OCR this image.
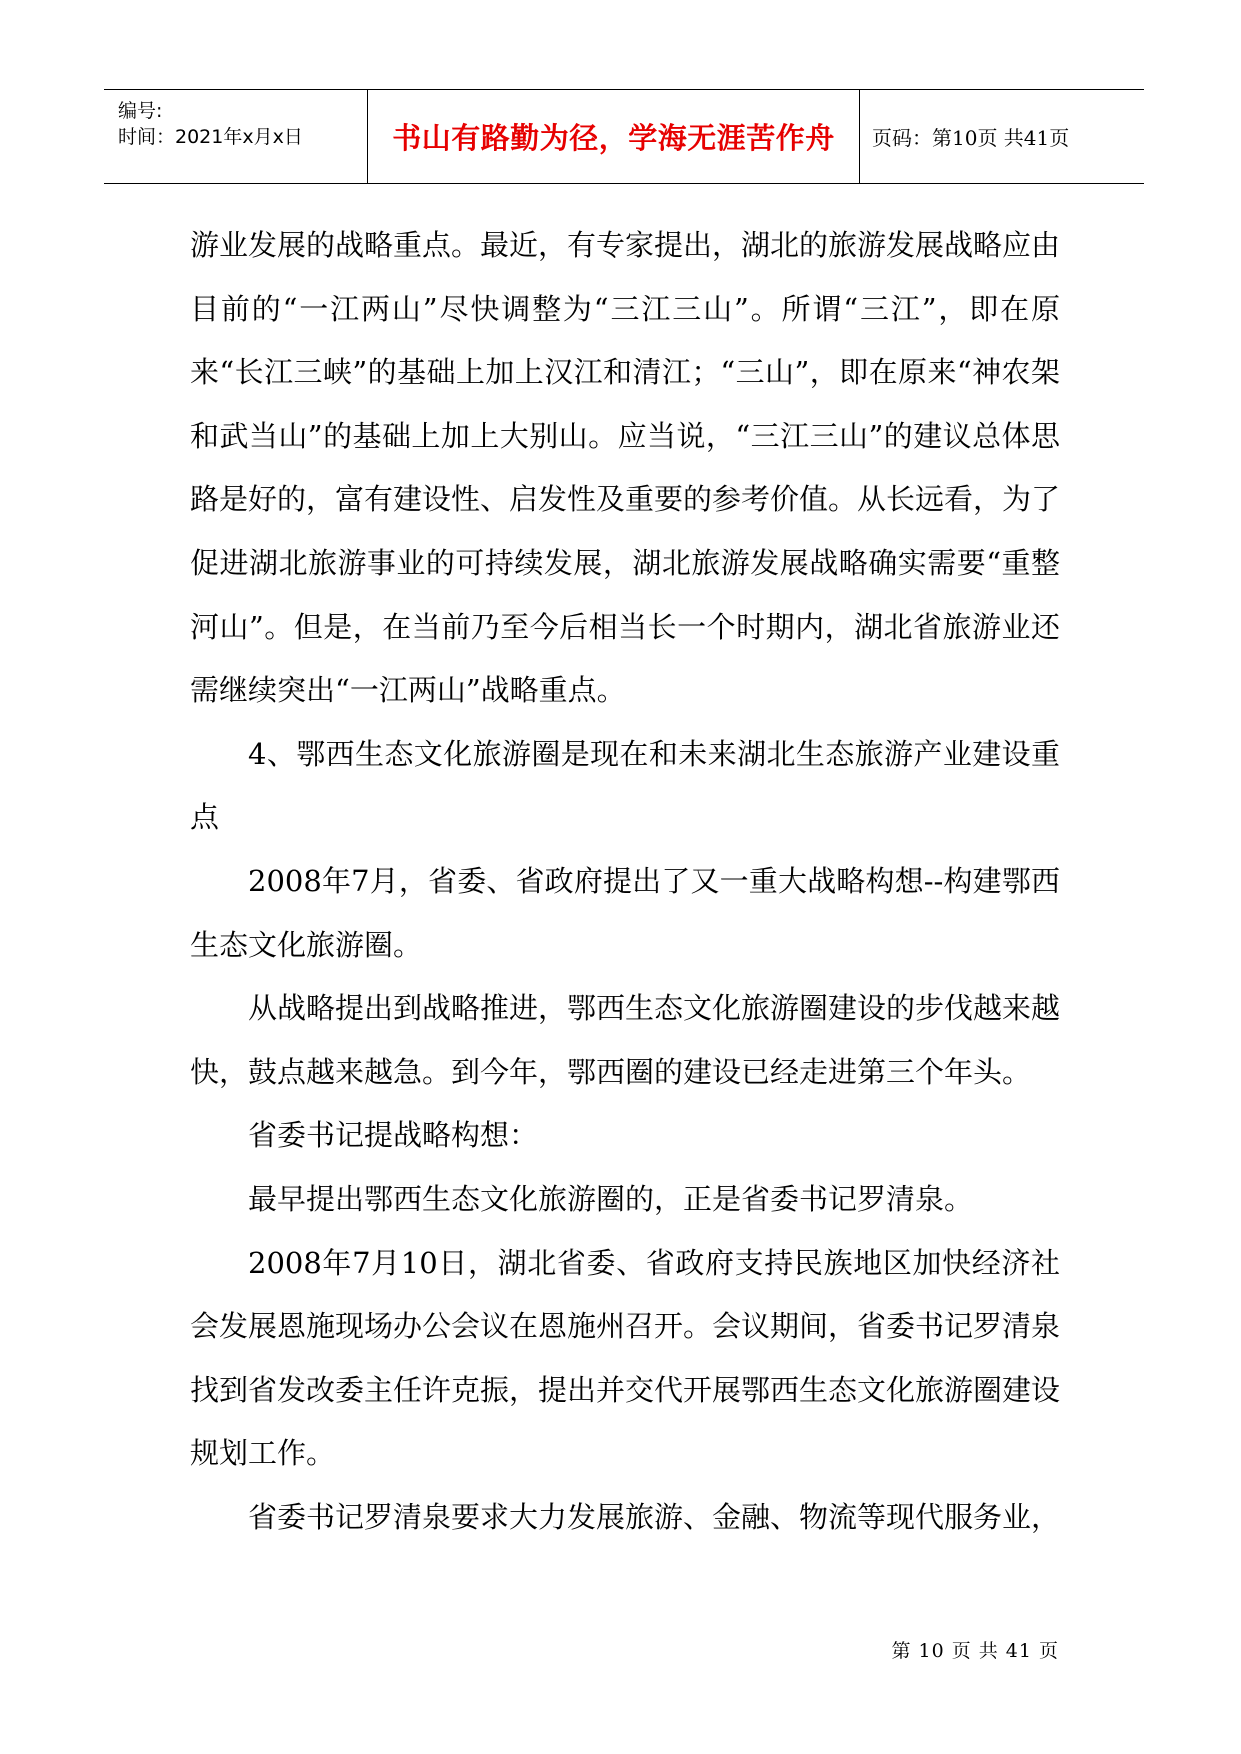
编号:
时间：2021年x月x日	书山有路勤为径，学海无涯苦作舟 页码：第10页 共41页

游业发展的战略重点。最近，有专家提出，湖北的旅游发展战略应由目前的“一江两山”尽快调整为“三江三山”。所谓“三江”，即在原来“长江三峡”的基础上加上汉江和清江；“三山”，即在原来“神农架和武当山”的基础上加上大别山。应当说，“三江三山”的建议总体思路是好的，富有建设性、启发性及重要的参考价值。从长远看，为了促进湖北旅游事业的可持续发展，湖北旅游发展战略确实需要“重整河山”。但是，在当前乃至今后相当长一个时期内，湖北省旅游业还需继续突出“一江两山”战略重点。

4、鄂西生态文化旅游圈是现在和未来湖北生态旅游产业建设重点

2008年7月，省委、省政府提出了又一重大战略构想--构建鄂西生态文化旅游圈。

从战略提出到战略推进，鄂西生态文化旅游圈建设的步伐越来越快，鼓点越来越急。到今年，鄂西圈的建设已经走进第三个年头。

省委书记提战略构想：

最早提出鄂西生态文化旅游圈的，正是省委书记罗清泉。

2008年7月10日，湖北省委、省政府支持民族地区加快经济社会发展恩施现场办公会议在恩施州召开。会议期间，省委书记罗清泉找到省发改委主任许克振，提出并交代开展鄂西生态文化旅游圈建设规划工作。

省委书记罗清泉要求大力发展旅游、金融、物流等现代服务业，

第 10 页 共 41 页
